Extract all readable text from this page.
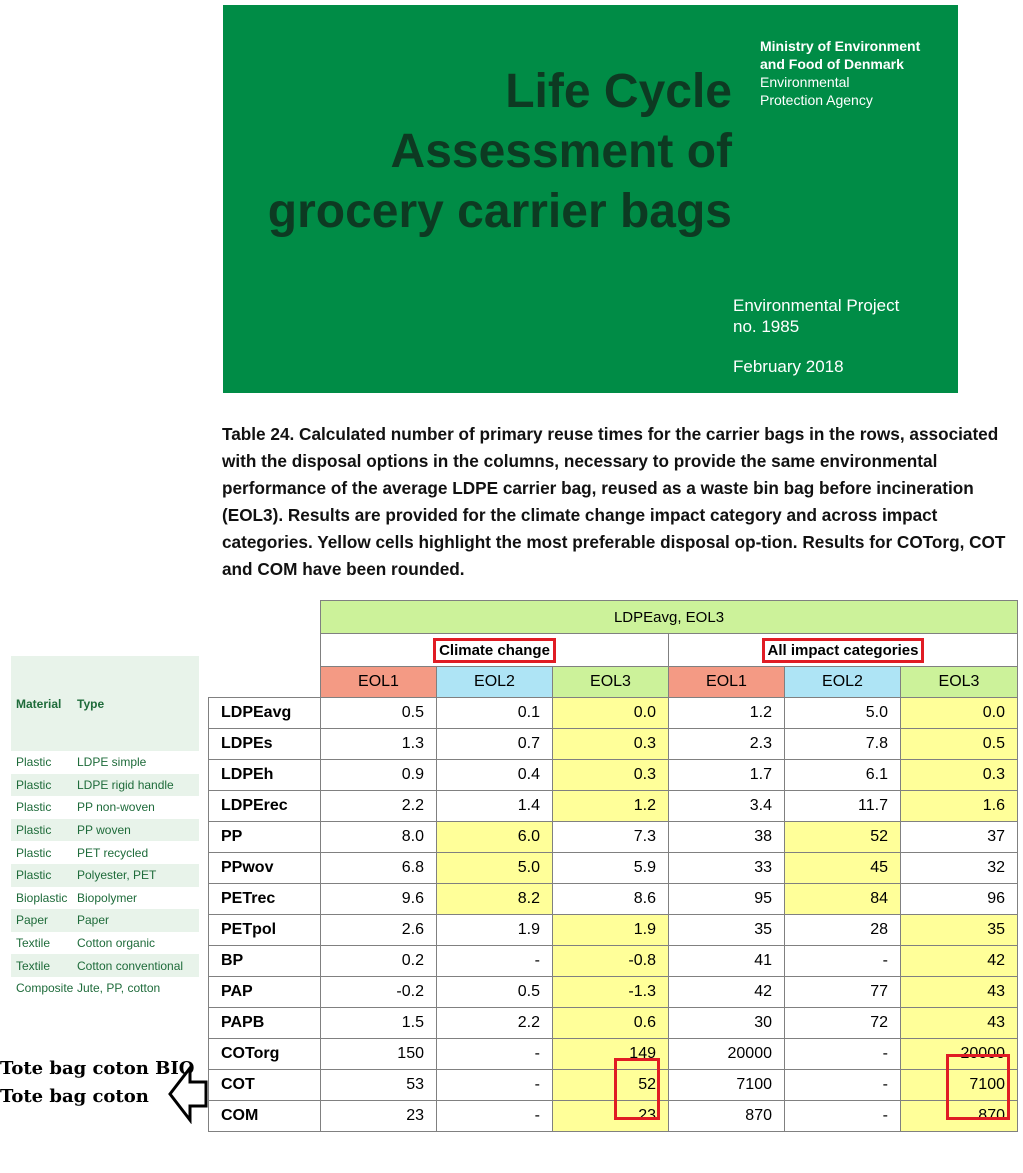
Life Cycle
Assessment of
grocery carrier bags
Ministry of Environment
and Food of Denmark
Environmental
Protection Agency
Environmental Project
no. 1985
February 2018
Table 24. Calculated number of primary reuse times for the carrier bags in the rows, associated with the disposal options in the columns, necessary to provide the same environmental performance of the average LDPE carrier bag, reused as a waste bin bag before incineration (EOL3). Results are provided for the climate change impact category and across impact categories. Yellow cells highlight the most preferable disposal op-tion. Results for COTorg, COT and COM have been rounded.
Material	Type
Plastic	LDPE simple
Plastic	LDPE rigid handle
Plastic	PP non-woven
Plastic	PP woven
Plastic	PET recycled
Plastic	Polyester, PET
Bioplastic Biopolymer
Paper	Paper
Textile	Cotton organic
Textile	Cotton conventional
Composite Jute, PP, cotton
	LDPEavg, EOL3					
	Climate change			All impact categories		
	EOL1	EOL2	EOL3	EOL1	EOL2	EOL3
LDPEavg	0.5	0.1	0.0	1.2	5.0	0.0
LDPEs	1.3	0.7	0.3	2.3	7.8	0.5
LDPEh	0.9	0.4	0.3	1.7	6.1	0.3
LDPErec	2.2	1.4	1.2	3.4	11.7	1.6
PP	8.0	6.0	7.3	38	52	37
PPwov	6.8	5.0	5.9	33	45	32
PETrec	9.6	8.2	8.6	95	84	96
PETpol	2.6	1.9	1.9	35	28	35
BP	0.2	-	-0.8	41	-	42
PAP	-0.2	0.5	-1.3	42	77	43
PAPB	1.5	2.2	0.6	30	72	43
COTorg	150	-	149	20000	-	20000
COT	53	-	52	7100	-	7100
COM	23	-	23	870	-	870
Tote bag coton BIO
Tote bag coton
